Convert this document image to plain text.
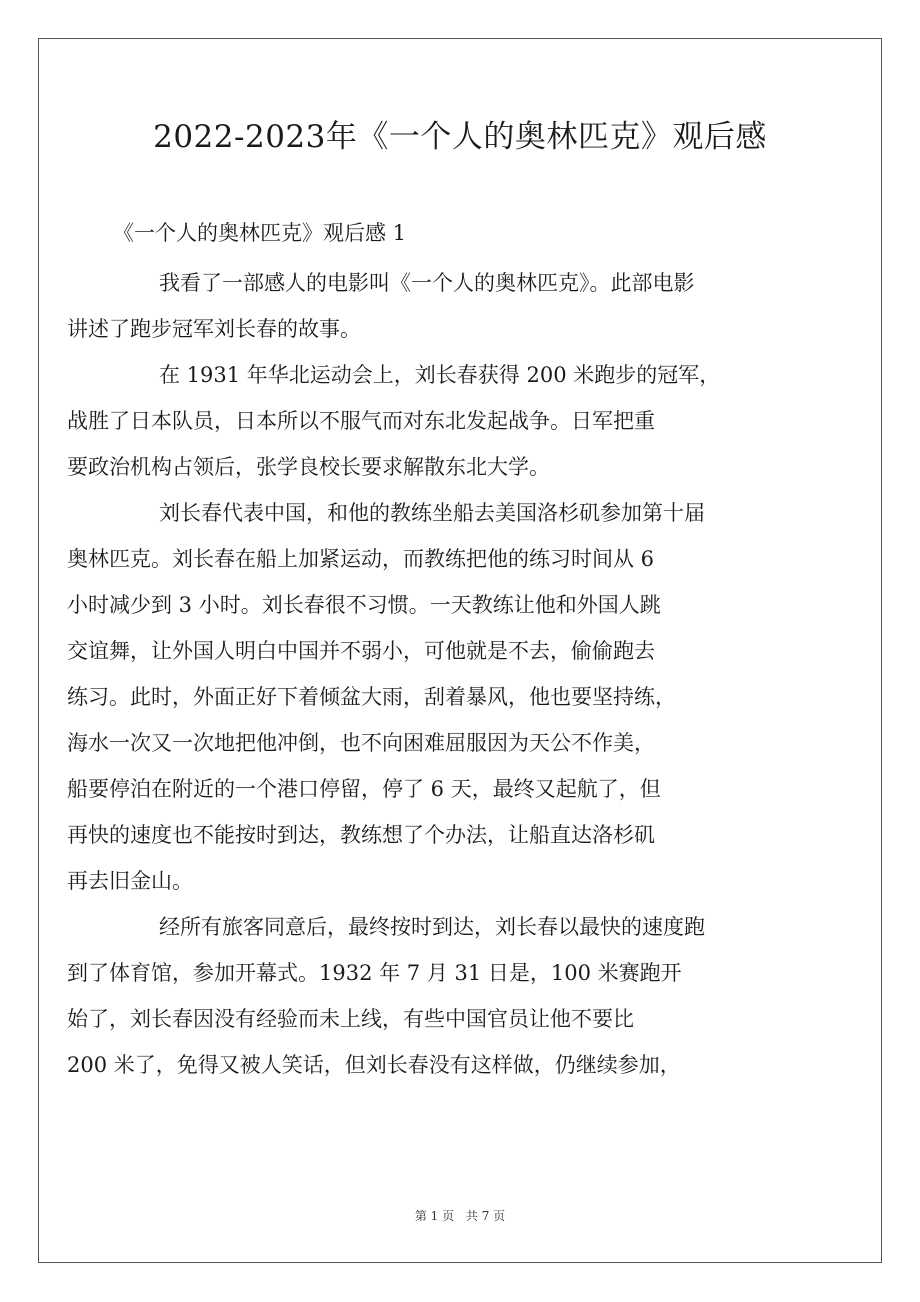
2022-2023年《一个人的奥林匹克》观后感
《一个人的奥林匹克》观后感 1

我看了一部感人的电影叫《一个人的奥林匹克》。此部电影
讲述了跑步冠军刘长春的故事。

在 1931 年华北运动会上，刘长春获得 200 米跑步的冠军，
战胜了日本队员，日本所以不服气而对东北发起战争。日军把重
要政治机构占领后，张学良校长要求解散东北大学。

刘长春代表中国，和他的教练坐船去美国洛杉矶参加第十届
奥林匹克。刘长春在船上加紧运动，而教练把他的练习时间从 6
小时减少到 3 小时。刘长春很不习惯。一天教练让他和外国人跳
交谊舞，让外国人明白中国并不弱小，可他就是不去，偷偷跑去
练习。此时，外面正好下着倾盆大雨，刮着暴风，他也要坚持练，
海水一次又一次地把他冲倒，也不向困难屈服因为天公不作美，
船要停泊在附近的一个港口停留，停了 6 天，最终又起航了，但
再快的速度也不能按时到达，教练想了个办法，让船直达洛杉矶
再去旧金山。

经所有旅客同意后，最终按时到达，刘长春以最快的速度跑
到了体育馆，参加开幕式。1932 年 7 月 31 日是，100 米赛跑开
始了，刘长春因没有经验而未上线，有些中国官员让他不要比
200 米了，免得又被人笑话，但刘长春没有这样做，仍继续参加，

第 1 页 共 7 页
